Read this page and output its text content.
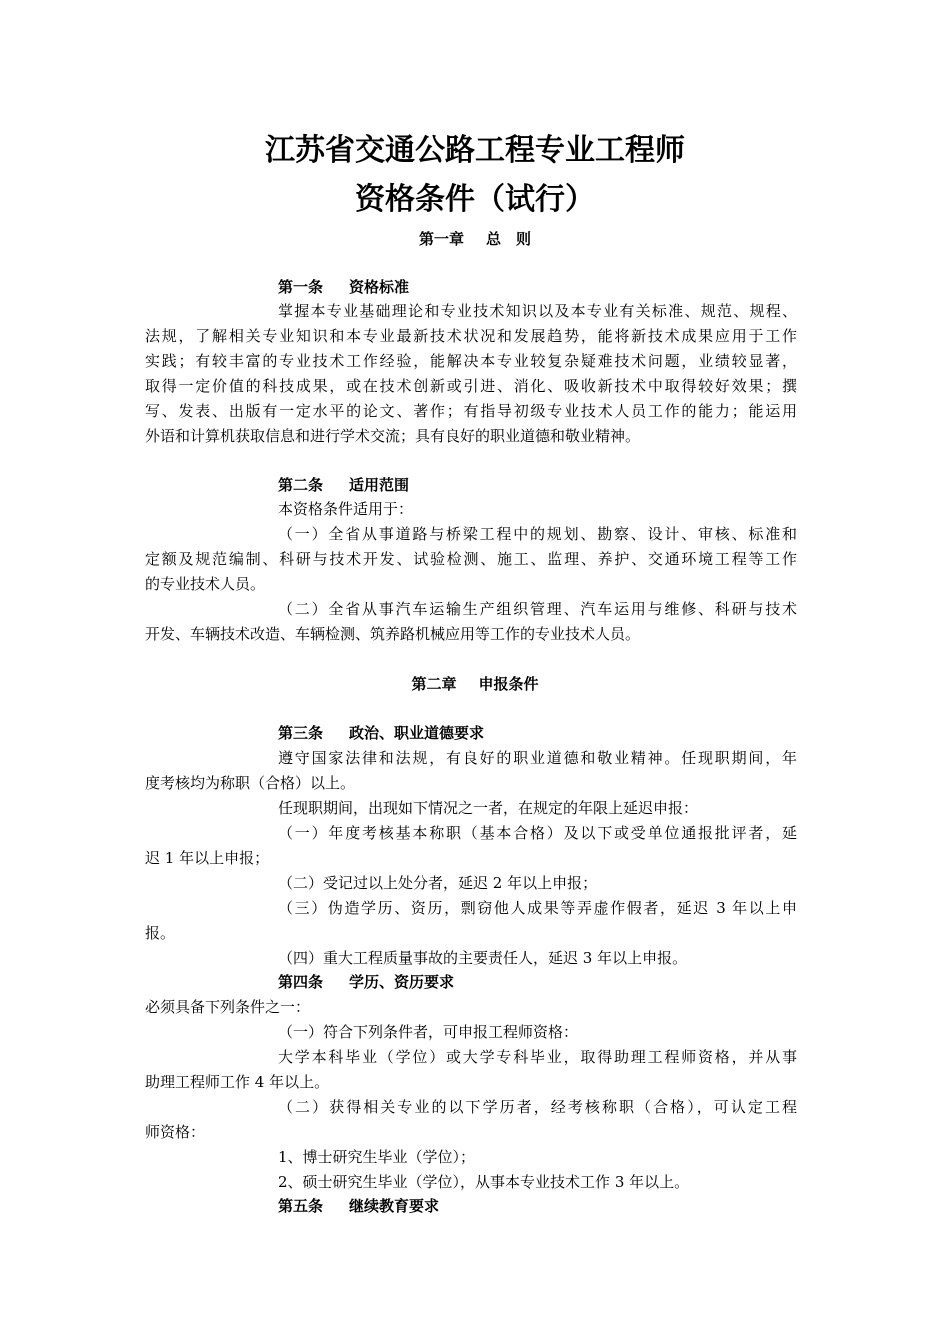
江苏省交通公路工程专业工程师
资格条件（试行）
第一章 总　则
第一条 资格标准
掌握本专业基础理论和专业技术知识以及本专业有关标准、规范、规程、
法规，了解相关专业知识和本专业最新技术状况和发展趋势，能将新技术成果应用于工作
实践；有较丰富的专业技术工作经验，能解决本专业较复杂疑难技术问题，业绩较显著，
取得一定价值的科技成果，或在技术创新或引进、消化、吸收新技术中取得较好效果；撰
写、发表、出版有一定水平的论文、著作；有指导初级专业技术人员工作的能力；能运用
外语和计算机获取信息和进行学术交流；具有良好的职业道德和敬业精神。
第二条 适用范围
本资格条件适用于：
（一）全省从事道路与桥梁工程中的规划、勘察、设计、审核、标准和
定额及规范编制、科研与技术开发、试验检测、施工、监理、养护、交通环境工程等工作
的专业技术人员。
（二）全省从事汽车运输生产组织管理、汽车运用与维修、科研与技术
开发、车辆技术改造、车辆检测、筑养路机械应用等工作的专业技术人员。
第二章 申报条件
第三条 政治、职业道德要求
遵守国家法律和法规，有良好的职业道德和敬业精神。任现职期间，年
度考核均为称职（合格）以上。
任现职期间，出现如下情况之一者，在规定的年限上延迟申报：
（一）年度考核基本称职（基本合格）及以下或受单位通报批评者，延
迟 1 年以上申报；
（二）受记过以上处分者，延迟 2 年以上申报；
（三）伪造学历、资历，剽窃他人成果等弄虚作假者，延迟 3 年以上申
报。
（四）重大工程质量事故的主要责任人，延迟 3 年以上申报。
第四条 学历、资历要求
必须具备下列条件之一：
（一）符合下列条件者，可申报工程师资格：
大学本科毕业（学位）或大学专科毕业，取得助理工程师资格，并从事
助理工程师工作 4 年以上。
（二）获得相关专业的以下学历者，经考核称职（合格），可认定工程
师资格：
1、博士研究生毕业（学位）；
2、硕士研究生毕业（学位），从事本专业技术工作 3 年以上。
第五条 继续教育要求
